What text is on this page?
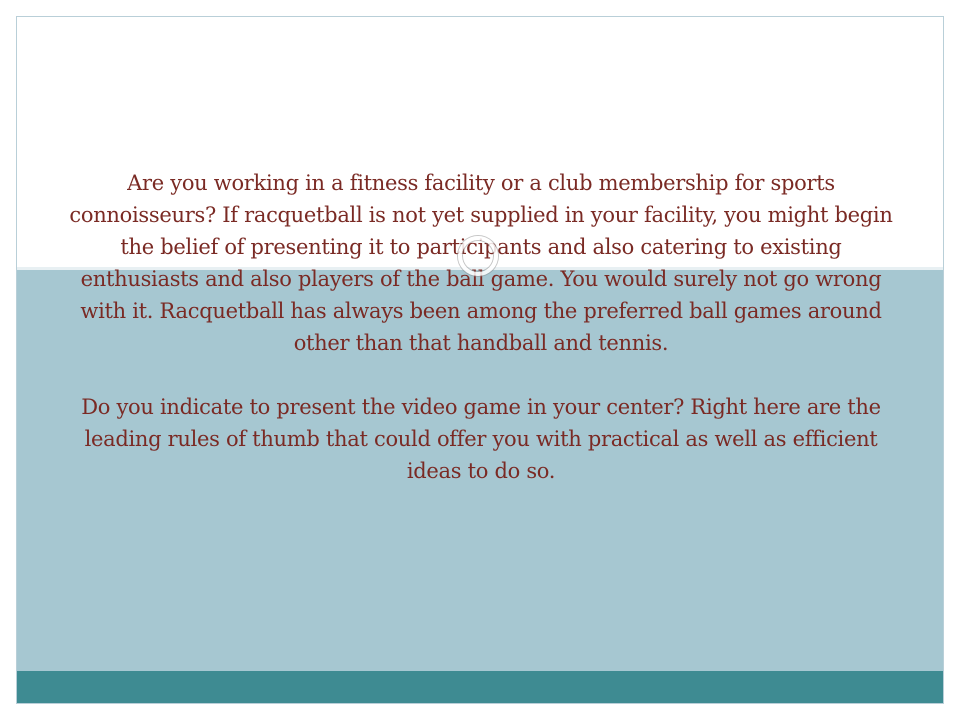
Are you working in a fitness facility or a club membership for sports
connoisseurs? If racquetball is not yet supplied in your facility, you might begin
the belief of presenting it to participants and also catering to existing
enthusiasts and also players of the ball game. You would surely not go wrong
with it. Racquetball has always been among the preferred ball games around
other than that handball and tennis.

Do you indicate to present the video game in your center? Right here are the
leading rules of thumb that could offer you with practical as well as efficient
ideas to do so.
